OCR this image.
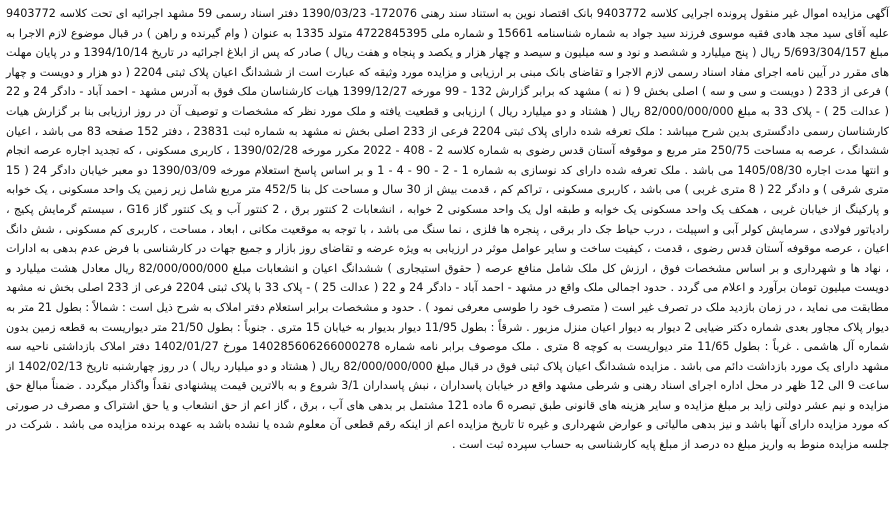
آگهی مزایده اموال غیر منقول پرونده اجرایی کلاسه 9403772 بانک اقتصاد نوین به استناد سند رهنی 172076- 1390/03/23 دفتر اسناد رسمی 59 مشهد اجرائیه ای تحت کلاسه 9403772 علیه آقای سید مجد هادی فقیه موسوی فرزند سید جواد به شماره شناسنامه 15661 و شماره ملی 4722845395 متولد 1335 به عنوان ( وام گیرنده و راهن ) در قبال موضوع لازم الاجرا به مبلغ 5/693/304/157 ریال ( پنج میلیارد و ششصد و نود و سه میلیون و سیصد و چهار هزار و یکصد و پنجاه و هفت ریال ) صادر که پس از ابلاغ اجرائیه در تاریخ 1394/10/14 و در پایان مهلت های مقرر در آیین نامه اجرای مفاد اسناد رسمی لازم الاجرا و تقاضای بانک مبنی بر ارزیابی و مزایده مورد وثیقه که عبارت است از ششدانگ اعیان پلاک ثبتی 2204 ( دو هزار و دویست و چهار ) فرعی از 233 ( دویست و سی و سه ) اصلی بخش 9 ( نه ) مشهد که برابر گزارش 132 - 99 مورخه 1399/12/27 هیات کارشناسان ملک فوق به آدرس مشهد - احمد آباد - دادگر 24 و 22 ( عدالت 25 ) - پلاک 33 به مبلغ 82/000/000/000 ریال ( هشتاد و دو میلیارد ریال ) ارزیابی و قطعیت یافته و ملک مورد نظر که مشخصات و توصیف آن در روز ارزیابی بنا بر گزارش هیات کارشناسان رسمی دادگستری بدین شرح میباشد : ملک تعرفه شده دارای پلاک ثبتی 2204 فرعی از 233 اصلی بخش نه مشهد به شماره ثبت 23831 ، دفتر 152 صفحه 83 می باشد ، اعیان ششدانگ ، عرصه به مساحت 250/75 متر مربع و موقوفه آستان قدس رضوی به شماره کلاسه 2 - 408 - 2022 مکرر مورخه 1390/02/28 ، کاربری مسکونی ، که تجدید اجاره عرصه انجام و انتها مدت اجاره 1405/08/30 می باشد . ملک تعرفه شده دارای کد نوسازی به شماره 1 - 2 - 90 - 4 - 1 و بر اساس پاسخ استعلام مورخه 1390/03/09 دو معبر خیابان دادگر 24 ( 15 متری شرقی ) و دادگر 22 ( 8 متری غربی ) می باشد ، کاربری مسکونی ، تراکم کم ، قدمت بیش از 30 سال و مساحت کل بنا 452/5 متر مربع شامل زیر زمین یک واحد مسکونی ، یک خوابه و پارکینگ از خیابان غربی ، همکف یک واحد مسکونی یک خوابه و طبقه اول یک واحد مسکونی 2 خوابه ، انشعابات 2 کنتور برق ، 2 کنتور آب و یک کنتور گاز G16 ، سیستم گرمایش پکیج ، رادیاتور فولادی ، سرمایش کولر آبی و اسپیلت ، درب حیاط جک دار برقی ، پنجره ها فلزی ، نما سنگ می باشد ، با توجه به موقعیت مکانی ، ابعاد ، مساحت ، کاربری کم مسکونی ، شش دانگ اعیان ، عرصه موقوفه آستان قدس رضوی ، قدمت ، کیفیت ساخت و سایر عوامل موثر در ارزیابی به ویژه عرضه و تقاضای روز بازار و جمیع جهات در کارشناسی با فرض عدم بدهی به ادارات ، نهاد ها و شهرداری و بر اساس مشخصات فوق ، ارزش کل ملک شامل منافع عرصه ( حقوق استیجاری ) ششدانگ اعیان و انشعابات مبلغ 82/000/000/000 ریال معادل هشت میلیارد و دویست میلیون تومان برآورد و اعلام می گردد . حدود اجمالی ملک واقع در مشهد - احمد آباد - دادگر 24 و 22 ( عدالت 25 ) - پلاک 33 با پلاک ثبتی 2204 فرعی از 233 اصلی بخش نه مشهد مطابقت می نماید ، در زمان بازدید ملک در تصرف غیر است ( متصرف خود را طوسی معرفی نمود ) . حدود و مشخصات برابر استعلام دفتر املاک به شرح ذیل است : شمالاً : بطول 21 متر به دیوار پلاک مجاور بعدی شماره دکتر ضیایی 2 دیوار به دیوار اعیان منزل مزبور . شرقاً : بطول 11/95 دیوار بدیوار به خیابان 15 متری . جنوباً : بطول 21/50 متر دیواریست به قطعه زمین بدون شماره آل هاشمی . غرباً : بطول 11/65 متر دیواریست به کوچه 8 متری . ملک موصوف برابر نامه شماره 140285606266000278 مورخ 1402/01/27 دفتر املاک بازداشتی ناحیه سه مشهد دارای یک مورد بازداشت دائم می باشد . مزایده ششدانگ اعیان پلاک ثبتی فوق در قبال مبلغ 82/000/000/000 ریال ( هشتاد و دو میلیارد ریال ) در روز چهارشنبه تاریخ 1402/02/13 از ساعت 9 الی 12 ظهر در محل اداره اجرای اسناد رهنی و شرطی مشهد واقع در خیابان پاسداران ، نبش پاسداران 3/1 شروع و به بالاترین قیمت پیشنهادی نقداً واگذار میگردد . ضمناً مبالغ حق مزایده و نیم عشر دولتی زاید بر مبلغ مزایده و سایر هزینه های قانونی طبق تبصره 6 ماده 121 مشتمل بر بدهی های آب ، برق ، گاز اعم از حق انشعاب و یا حق اشتراک و مصرف در صورتی که مورد مزایده دارای آنها باشد و نیز بدهی مالیاتی و عوارض شهرداری و غیره تا تاریخ مزایده اعم از اینکه رقم قطعی آن معلوم شده یا نشده باشد به عهده برنده مزایده می باشد . شرکت در جلسه مزایده منوط به واریز مبلغ ده درصد از مبلغ پایه کارشناسی به حساب سپرده ثبت است .
